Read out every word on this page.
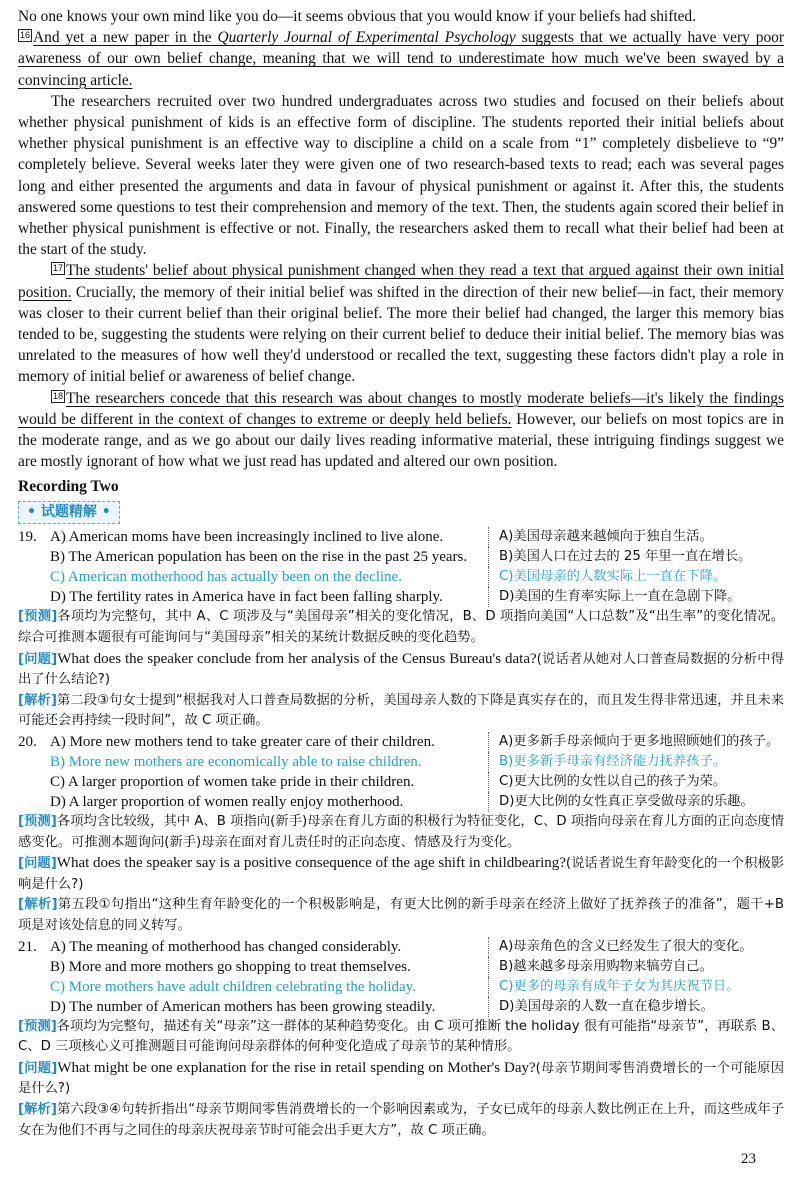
No one knows your own mind like you do—it seems obvious that you would know if your beliefs had shifted.

16 And yet a new paper in the Quarterly Journal of Experimental Psychology suggests that we actually have very poor awareness of our own belief change, meaning that we will tend to underestimate how much we've been swayed by a convincing article.

The researchers recruited over two hundred undergraduates across two studies and focused on their beliefs about whether physical punishment of kids is an effective form of discipline. The students reported their initial beliefs about whether physical punishment is an effective way to discipline a child on a scale from “1” completely disbelieve to “9” completely believe. Several weeks later they were given one of two research-based texts to read; each was several pages long and either presented the arguments and data in favour of physical punishment or against it. After this, the students answered some questions to test their comprehension and memory of the text. Then, the students again scored their belief in whether physical punishment is effective or not. Finally, the researchers asked them to recall what their belief had been at the start of the study.

17 The students' belief about physical punishment changed when they read a text that argued against their own initial position. Crucially, the memory of their initial belief was shifted in the direction of their new belief—in fact, their memory was closer to their current belief than their original belief. The more their belief had changed, the larger this memory bias tended to be, suggesting the students were relying on their current belief to deduce their initial belief. The memory bias was unrelated to the measures of how well they'd understood or recalled the text, suggesting these factors didn't play a role in memory of initial belief or awareness of belief change.

18 The researchers concede that this research was about changes to mostly moderate beliefs—it's likely the findings would be different in the context of changes to extreme or deeply held beliefs. However, our beliefs on most topics are in the moderate range, and as we go about our daily lives reading informative material, these intriguing findings suggest we are mostly ignorant of how what we just read has updated and altered our own position.

Recording Two
• 试题精解 •
19. A) American moms have been increasingly inclined to live alone.	A)美国母亲越来越倾向于独自生活。
B) The American population has been on the rise in the past 25 years.	B)美国人口在过去的 25 年里一直在增长。
C) American motherhood has actually been on the decline.	C)美国母亲的人数实际上一直在下降。
D) The fertility rates in America have in fact been falling sharply.	D)美国的生育率实际上一直在急剧下降。

[预测]各项均为完整句，其中 A、C 项涉及与“美国母亲”相关的变化情况，B、D 项指向美国“人口总数”及“出生率”的变化情况。综合可推测本题很有可能询问与“美国母亲”相关的某统计数据反映的变化趋势。

[问题]What does the speaker conclude from her analysis of the Census Bureau's data?(说话者从她对人口普查局数据的分析中得出了什么结论?)

[解析]第二段③句女士提到“根据我对人口普查局数据的分析，美国母亲人数的下降是真实存在的，而且发生得非常迅速，并且未来可能还会再持续一段时间”，故 C 项正确。

20. A) More new mothers tend to take greater care of their children.	A)更多新手母亲倾向于更多地照顾她们的孩子。
B) More new mothers are economically able to raise children.	B)更多新手母亲有经济能力抚养孩子。
C) A larger proportion of women take pride in their children.	C)更大比例的女性以自己的孩子为荣。
D) A larger proportion of women really enjoy motherhood.	D)更大比例的女性真正享受做母亲的乐趣。

[预测]各项均含比较级，其中 A、B 项指向(新手)母亲在育儿方面的积极行为特征变化，C、D 项指向母亲在育儿方面的正向态度情感变化。可推测本题询问(新手)母亲在面对育儿责任时的正向态度、情感及行为变化。

[问题]What does the speaker say is a positive consequence of the age shift in childbearing?(说话者说生育年龄变化的一个积极影响是什么?)

[解析]第五段①句指出“这种生育年龄变化的一个积极影响是，有更大比例的新手母亲在经济上做好了抚养孩子的准备”，题干+B 项是对该处信息的同义转写。

21. A) The meaning of motherhood has changed considerably.	A)母亲角色的含义已经发生了很大的变化。
B) More and more mothers go shopping to treat themselves.	B)越来越多母亲用购物来犒劳自己。
C) More mothers have adult children celebrating the holiday.	C)更多的母亲有成年子女为其庆祝节日。
D) The number of American mothers has been growing steadily.	D)美国母亲的人数一直在稳步增长。

[预测]各项均为完整句，描述有关“母亲”这一群体的某种趋势变化。由 C 项可推断 the holiday 很有可能指“母亲节”，再联系 B、C、D 三项核心义可推测题目可能询问母亲群体的何种变化造成了母亲节的某种情形。

[问题]What might be one explanation for the rise in retail spending on Mother's Day?(母亲节期间零售消费增长的一个可能原因是什么?)

[解析]第六段③④句转折指出“母亲节期间零售消费增长的一个影响因素或为，子女已成年的母亲人数比例正在上升，而这些成年子女在为他们不再与之同住的母亲庆祝母亲节时可能会出手更大方”，故 C 项正确。

23
